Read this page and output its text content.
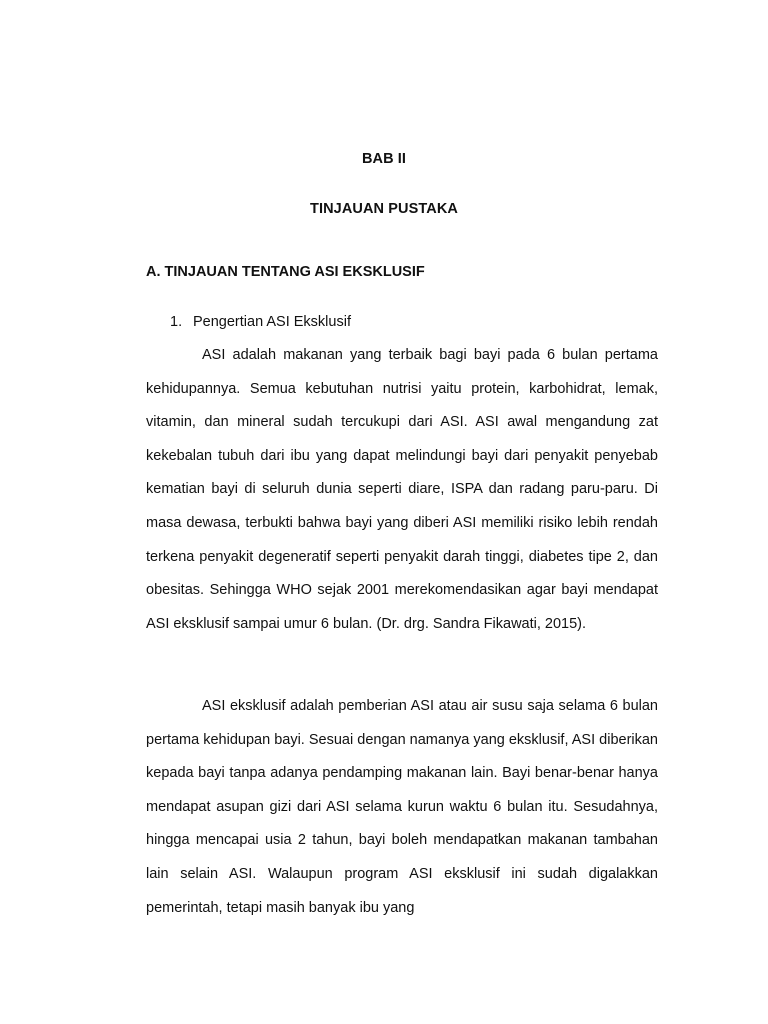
BAB II
TINJAUAN PUSTAKA
A. TINJAUAN TENTANG ASI EKSKLUSIF
1. Pengertian ASI Eksklusif

ASI adalah makanan yang terbaik bagi bayi pada 6 bulan pertama kehidupannya. Semua kebutuhan nutrisi yaitu protein, karbohidrat, lemak, vitamin, dan mineral sudah tercukupi dari ASI. ASI awal mengandung zat kekebalan tubuh dari ibu yang dapat melindungi bayi dari penyakit penyebab kematian bayi di seluruh dunia seperti diare, ISPA dan radang paru-paru. Di masa dewasa, terbukti bahwa bayi yang diberi ASI memiliki risiko lebih rendah terkena penyakit degeneratif seperti penyakit darah tinggi, diabetes tipe 2, dan obesitas. Sehingga WHO sejak 2001 merekomendasikan agar bayi mendapat ASI eksklusif sampai umur 6 bulan. (Dr. drg. Sandra Fikawati, 2015).

ASI eksklusif adalah pemberian ASI atau air susu saja selama 6 bulan pertama kehidupan bayi. Sesuai dengan namanya yang eksklusif, ASI diberikan kepada bayi tanpa adanya pendamping makanan lain. Bayi benar-benar hanya mendapat asupan gizi dari ASI selama kurun waktu 6 bulan itu. Sesudahnya, hingga mencapai usia 2 tahun, bayi boleh mendapatkan makanan tambahan lain selain ASI. Walaupun program ASI eksklusif ini sudah digalakkan pemerintah, tetapi masih banyak ibu yang
